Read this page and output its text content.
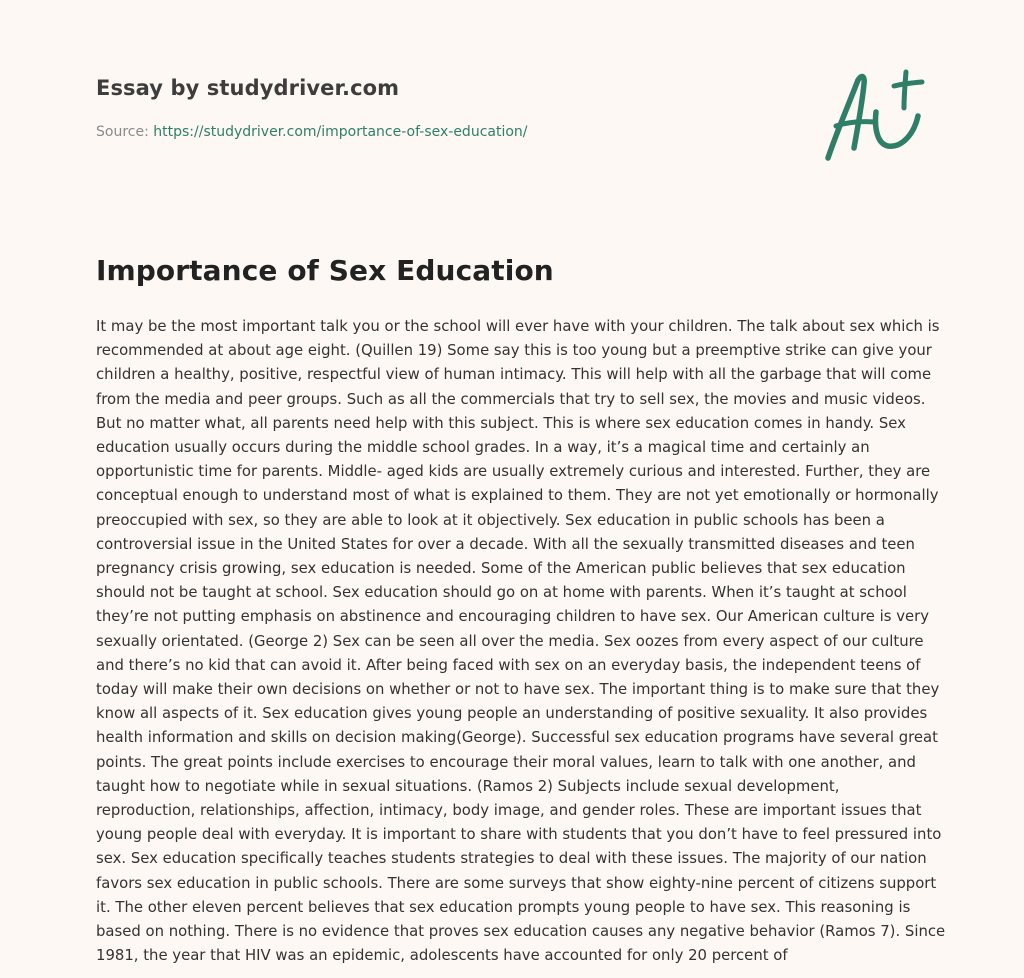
Essay by studydriver.com
Source: https://studydriver.com/importance-of-sex-education/
Importance of Sex Education
It may be the most important talk you or the school will ever have with your children. The talk about sex which is
recommended at about age eight. (Quillen 19) Some say this is too young but a preemptive strike can give your
children a healthy, positive, respectful view of human intimacy. This will help with all the garbage that will come
from the media and peer groups. Such as all the commercials that try to sell sex, the movies and music videos.
But no matter what, all parents need help with this subject. This is where sex education comes in handy. Sex
education usually occurs during the middle school grades. In a way, it’s a magical time and certainly an
opportunistic time for parents. Middle- aged kids are usually extremely curious and interested. Further, they are
conceptual enough to understand most of what is explained to them. They are not yet emotionally or hormonally
preoccupied with sex, so they are able to look at it objectively. Sex education in public schools has been a
controversial issue in the United States for over a decade. With all the sexually transmitted diseases and teen
pregnancy crisis growing, sex education is needed. Some of the American public believes that sex education
should not be taught at school. Sex education should go on at home with parents. When it’s taught at school
they’re not putting emphasis on abstinence and encouraging children to have sex. Our American culture is very
sexually orientated. (George 2) Sex can be seen all over the media. Sex oozes from every aspect of our culture
and there’s no kid that can avoid it. After being faced with sex on an everyday basis, the independent teens of
today will make their own decisions on whether or not to have sex. The important thing is to make sure that they
know all aspects of it. Sex education gives young people an understanding of positive sexuality. It also provides
health information and skills on decision making(George). Successful sex education programs have several great
points. The great points include exercises to encourage their moral values, learn to talk with one another, and
taught how to negotiate while in sexual situations. (Ramos 2) Subjects include sexual development,
reproduction, relationships, affection, intimacy, body image, and gender roles. These are important issues that
young people deal with everyday. It is important to share with students that you don’t have to feel pressured into
sex. Sex education specifically teaches students strategies to deal with these issues. The majority of our nation
favors sex education in public schools. There are some surveys that show eighty-nine percent of citizens support
it. The other eleven percent believes that sex education prompts young people to have sex. This reasoning is
based on nothing. There is no evidence that proves sex education causes any negative behavior (Ramos 7). Since
1981, the year that HIV was an epidemic, adolescents have accounted for only 20 percent of
